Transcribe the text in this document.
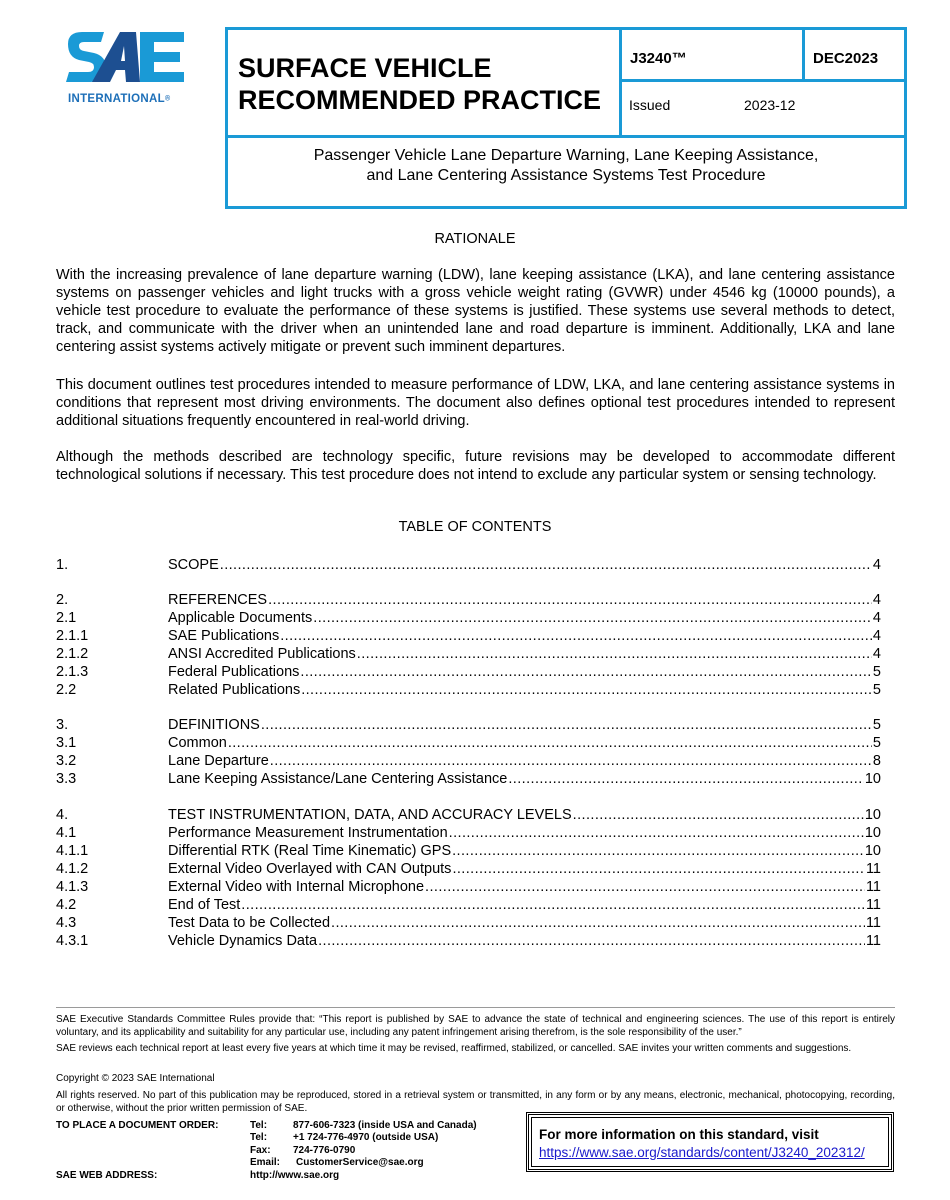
INTERNATIONAL®
SURFACE VEHICLE
RECOMMENDED PRACTICE
J3240™	DEC2023
Issued	2023-12
Passenger Vehicle Lane Departure Warning, Lane Keeping Assistance,
and Lane Centering Assistance Systems Test Procedure
RATIONALE
With the increasing prevalence of lane departure warning (LDW), lane keeping assistance (LKA), and lane centering assistance systems on passenger vehicles and light trucks with a gross vehicle weight rating (GVWR) under 4546 kg (10000 pounds), a vehicle test procedure to evaluate the performance of these systems is justified. These systems use several methods to detect, track, and communicate with the driver when an unintended lane and road departure is imminent. Additionally, LKA and lane centering assist systems actively mitigate or prevent such imminent departures.
This document outlines test procedures intended to measure performance of LDW, LKA, and lane centering assistance systems in conditions that represent most driving environments. The document also defines optional test procedures intended to represent additional situations frequently encountered in real-world driving.
Although the methods described are technology specific, future revisions may be developed to accommodate different technological solutions if necessary. This test procedure does not intend to exclude any particular system or sensing technology.
TABLE OF CONTENTS
1.	SCOPE .....	4
2.	REFERENCES .....	4
2.1	Applicable Documents .....	4
2.1.1	SAE Publications .....	4
2.1.2	ANSI Accredited Publications .....	4
2.1.3	Federal Publications .....	5
2.2	Related Publications .....	5
3.	DEFINITIONS .....	5
3.1	Common .....	5
3.2	Lane Departure .....	8
3.3	Lane Keeping Assistance/Lane Centering Assistance .....	10
4.	TEST INSTRUMENTATION, DATA, AND ACCURACY LEVELS .....	10
4.1	Performance Measurement Instrumentation .....	10
4.1.1	Differential RTK (Real Time Kinematic) GPS .....	10
4.1.2	External Video Overlayed with CAN Outputs .....	11
4.1.3	External Video with Internal Microphone .....	11
4.2	End of Test .....	11
4.3	Test Data to be Collected .....	11
4.3.1	Vehicle Dynamics Data .....	11
SAE Executive Standards Committee Rules provide that: “This report is published by SAE to advance the state of technical and engineering sciences. The use of this report is entirely voluntary, and its applicability and suitability for any particular use, including any patent infringement arising therefrom, is the sole responsibility of the user.”
SAE reviews each technical report at least every five years at which time it may be revised, reaffirmed, stabilized, or cancelled. SAE invites your written comments and suggestions.
Copyright © 2023 SAE International
All rights reserved. No part of this publication may be reproduced, stored in a retrieval system or transmitted, in any form or by any means, electronic, mechanical, photocopying, recording, or otherwise, without the prior written permission of SAE.
TO PLACE A DOCUMENT ORDER:
SAE WEB ADDRESS:
Tel:	877-606-7323 (inside USA and Canada)
Tel:	+1 724-776-4970 (outside USA)
Fax: 724-776-0790
Email: CustomerService@sae.org
http://www.sae.org
For more information on this standard, visit
https://www.sae.org/standards/content/J3240_202312/
